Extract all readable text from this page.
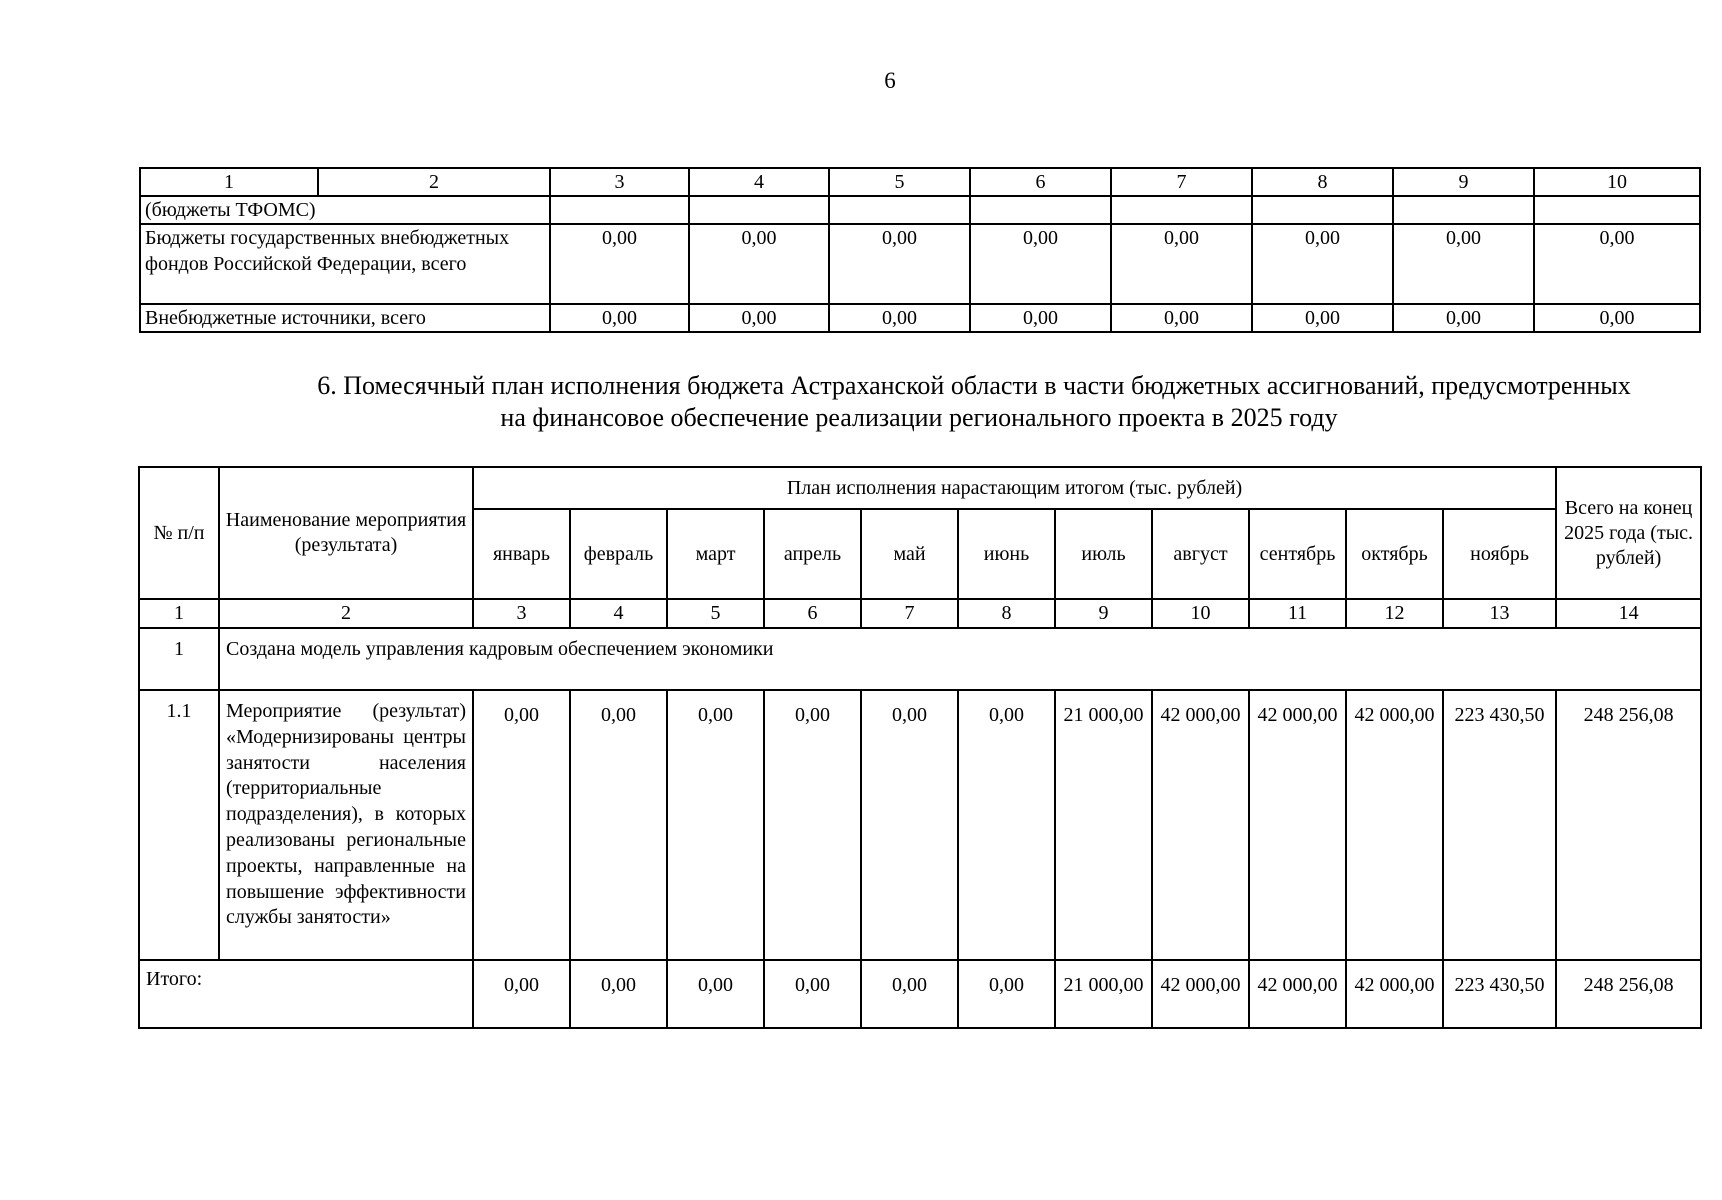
6
1	2	3	4	5	6	7	8	9	10
(бюджеты ТФОМС)									
Бюджеты государственных внебюджетных фондов Российской Федерации, всего		0,00	0,00	0,00	0,00	0,00	0,00	0,00	0,00
Внебюджетные источники, всего		0,00	0,00	0,00	0,00	0,00	0,00	0,00	0,00
6. Помесячный план исполнения бюджета Астраханской области в части бюджетных ассигнований, предусмотренных
на финансовое обеспечение реализации регионального проекта в 2025 году
№ п/п	Наименование мероприятия (результата)	План исполнения нарастающим итогом (тыс. рублей)											Всего на конец 2025 года (тыс. рублей)
		январь	февраль	март	апрель	май	июнь	июль	август	сентябрь	октябрь	ноябрь	
1	2	3	4	5	6	7	8	9	10	11	12	13	14
1	Создана модель управления кадровым обеспечением экономики												
1.1	Мероприятие (результат) «Модернизированы центры занятости населения (территориальные подразделения), в которых реализованы региональные проекты, направленные на повышение эффективности службы занятости»	0,00	0,00	0,00	0,00	0,00	0,00	21 000,00	42 000,00	42 000,00	42 000,00	223 430,50	248 256,08
Итого:		0,00	0,00	0,00	0,00	0,00	0,00	21 000,00	42 000,00	42 000,00	42 000,00	223 430,50	248 256,08
